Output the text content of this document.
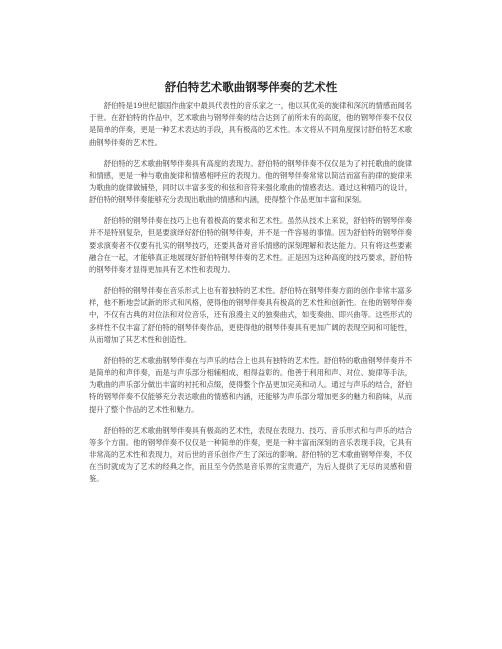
舒伯特艺术歌曲钢琴伴奏的艺术性

舒伯特是19世纪德国作曲家中最具代表性的音乐家之一，他以其优美的旋律和深沉的情感而闻名于世。在舒伯特的作品中，艺术歌曲与钢琴伴奏的结合达到了前所未有的高度，他的钢琴伴奏不仅仅是简单的伴奏，更是一种艺术表达的手段，具有极高的艺术性。本文将从不同角度探讨舒伯特艺术歌曲钢琴伴奏的艺术性。

舒伯特的艺术歌曲钢琴伴奏具有高度的表现力。舒伯特的钢琴伴奏不仅仅是为了衬托歌曲的旋律和情感，更是一种与歌曲旋律和情感相呼应的表现力。他的钢琴伴奏常常以简洁而富有韵律的旋律来为歌曲的旋律做铺垫，同时以丰富多变的和弦和音符来强化歌曲的情感表达。通过这种精巧的设计，舒伯特的钢琴伴奏能够充分表现出歌曲的情感和内涵，使得整个作品更加丰富和深刻。

舒伯特的钢琴伴奏在技巧上也有着极高的要求和艺术性。虽然从技术上来说，舒伯特的钢琴伴奏并不是特别复杂，但是要演绎好舒伯特的钢琴伴奏，并不是一件容易的事情。因为舒伯特的钢琴伴奏要求演奏者不仅要有扎实的钢琴技巧，还要具备对音乐情感的深刻理解和表达能力。只有将这些要素融合在一起，才能够真正地展现好舒伯特钢琴伴奏的艺术性。正是因为这种高度的技巧要求，舒伯特的钢琴伴奏才显得更加具有艺术性和表现力。

舒伯特的钢琴伴奏在音乐形式上也有着独特的艺术性。舒伯特在钢琴伴奏方面的创作非常丰富多样，他不断地尝试新的形式和风格，使得他的钢琴伴奏具有极高的艺术性和创新性。在他的钢琴伴奏中，不仅有古典的对位法和对位音乐，还有浪漫主义的独奏曲式，如变奏曲、即兴曲等。这些形式的多样性不仅丰富了舒伯特的钢琴伴奏作品，更使得他的钢琴伴奏具有更加广阔的表现空间和可能性，从而增加了其艺术性和创造性。

舒伯特的艺术歌曲钢琴伴奏在与声乐的结合上也具有独特的艺术性。舒伯特的歌曲钢琴伴奏并不是简单的和声伴奏，而是与声乐部分相辅相成、相得益彰的。他善于利用和声、对位、旋律等手法，为歌曲的声乐部分做出丰富的衬托和点缀，使得整个作品更加完美和动人。通过与声乐的结合，舒伯特的钢琴伴奏不仅能够充分表达歌曲的情感和内涵，还能够为声乐部分增加更多的魅力和韵味，从而提升了整个作品的艺术性和魅力。

舒伯特的艺术歌曲钢琴伴奏具有极高的艺术性，表现在表现力、技巧、音乐形式和与声乐的结合等多个方面。他的钢琴伴奏不仅仅是一种简单的伴奏，更是一种丰富而深刻的音乐表现手段，它具有非常高的艺术性和表现力，对后世的音乐创作产生了深远的影响。舒伯特的艺术歌曲钢琴伴奏，不仅在当时就成为了艺术的经典之作，而且至今仍然是音乐界的宝贵遗产，为后人提供了无尽的灵感和借鉴。
